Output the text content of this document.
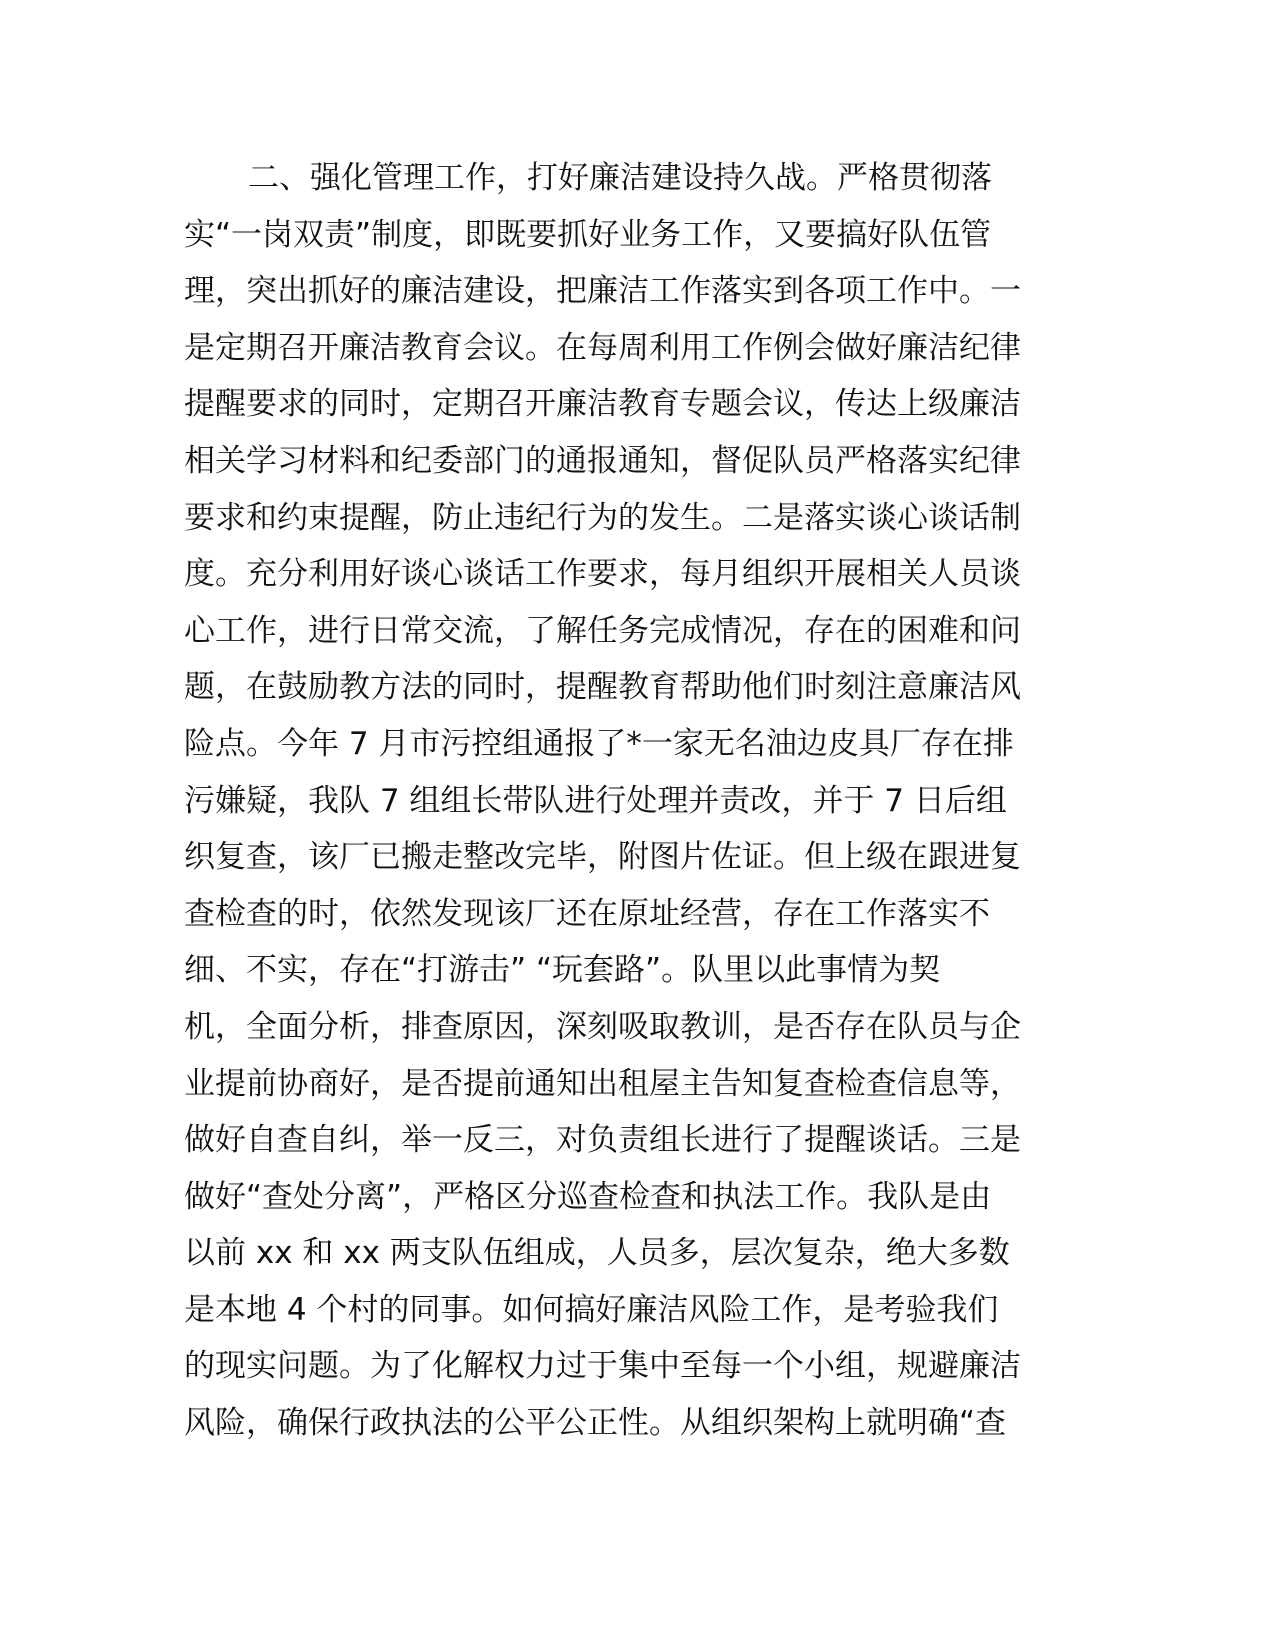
二、强化管理工作，打好廉洁建设持久战。严格贯彻落
实“一岗双责”制度，即既要抓好业务工作，又要搞好队伍管
理，突出抓好的廉洁建设，把廉洁工作落实到各项工作中。一
是定期召开廉洁教育会议。在每周利用工作例会做好廉洁纪律
提醒要求的同时，定期召开廉洁教育专题会议，传达上级廉洁
相关学习材料和纪委部门的通报通知，督促队员严格落实纪律
要求和约束提醒，防止违纪行为的发生。二是落实谈心谈话制
度。充分利用好谈心谈话工作要求，每月组织开展相关人员谈
心工作，进行日常交流，了解任务完成情况，存在的困难和问
题，在鼓励教方法的同时，提醒教育帮助他们时刻注意廉洁风
险点。今年 7 月市污控组通报了*一家无名油边皮具厂存在排
污嫌疑，我队 7 组组长带队进行处理并责改，并于 7 日后组
织复查，该厂已搬走整改完毕，附图片佐证。但上级在跟进复
查检查的时，依然发现该厂还在原址经营，存在工作落实不
细、不实，存在“打游击” “玩套路”。队里以此事情为契
机，全面分析，排查原因，深刻吸取教训，是否存在队员与企
业提前协商好，是否提前通知出租屋主告知复查检查信息等，
做好自查自纠，举一反三，对负责组长进行了提醒谈话。三是
做好“查处分离”，严格区分巡查检查和执法工作。我队是由
以前 xx 和 xx 两支队伍组成，人员多，层次复杂，绝大多数
是本地 4 个村的同事。如何搞好廉洁风险工作，是考验我们
的现实问题。为了化解权力过于集中至每一个小组，规避廉洁
风险，确保行政执法的公平公正性。从组织架构上就明确“查
